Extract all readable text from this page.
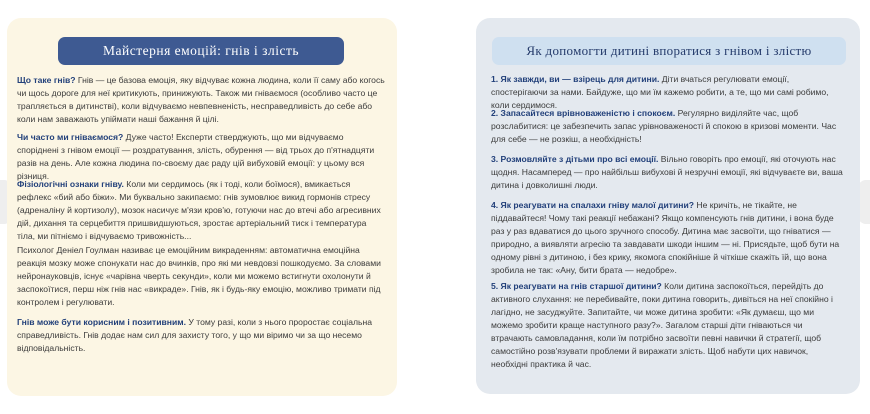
Майстерня емоцій: гнів і злість

Що таке гнів? Гнів — це базова емоція, яку відчуває кожна людина, коли її саму або когось чи щось дороге для неї критикують, принижують. Також ми гніваємося (особливо часто це трапляється в дитинстві), коли відчуваємо невпевненість, несправедливість до себе або коли нам заважають упіймати наші бажання й цілі.

Чи часто ми гніваємося? Дуже часто! Експерти стверджують, що ми відчуваємо споріднені з гнівом емоції — роздратування, злість, обурення — від трьох до п'ятнадцяти разів на день. Але кожна людина по-своєму дає раду цій вибуховій емоції: у цьому вся різниця.

Фізіологічні ознаки гніву. Коли ми сердимось (як і тоді, коли боїмося), вмикається рефлекс «бий або біжи». Ми буквально закипаємо: гнів зумовлює викид гормонів стресу (адреналіну й кортизолу), мозок насичує м'язи кров'ю, готуючи нас до втечі або агресивних дій, дихання та серцебиття пришвидшуються, зростає артеріальний тиск і температура тіла, ми пітніємо і відчуваємо тривожність...

Психолог Деніел Гоулман називає це емоційним викраденням: автоматична емоційна реакція мозку може спонукати нас до вчинків, про які ми невдовзі пошкодуємо. За словами нейронауковців, існує «чарівна чверть секунди», коли ми можемо встигнути охолонути й заспокоїтися, перш ніж гнів нас «викраде». Гнів, як і будь-яку емоцію, можливо тримати під контролем і регулювати.

Гнів може бути корисним і позитивним. У тому разі, коли з нього проростає соціальна справедливість. Гнів додає нам сил для захисту того, у що ми віримо чи за що несемо відповідальність.

Як допомогти дитині впоратися з гнівом і злістю

1. Як завжди, ви — взірець для дитини. Діти вчаться регулювати емоції, спостерігаючи за нами. Байдуже, що ми їм кажемо робити, а те, що ми самі робимо, коли сердимося.

2. Запасайтеся врівноваженістю і спокоєм. Регулярно виділяйте час, щоб розслабитися: це забезпечить запас урівноваженості й спокою в кризові моменти. Час для себе — не розкіш, а необхідність!

3. Розмовляйте з дітьми про всі емоції. Вільно говоріть про емоції, які оточують нас щодня. Насамперед — про найбільш вибухові й незручні емоції, які відчуваєте ви, ваша дитина і довколишні люди.

4. Як реагувати на спалахи гніву малої дитини? Не кричіть, не тікайте, не піддавайтеся! Чому такі реакції небажані? Якщо компенсують гнів дитини, і вона буде раз у раз вдаватися до цього зручного способу. Дитина має засвоїти, що гніватися — природно, а виявляти агресію та завдавати шкоди іншим — ні. Присядьте, щоб бути на одному рівні з дитиною, і без крику, якомога спокійніше й чіткіше скажіть їй, що вона зробила не так: «Ану, бити брата — недобре».

5. Як реагувати на гнів старшої дитини? Коли дитина заспокоїться, перейдіть до активного слухання: не перебивайте, поки дитина говорить, дивіться на неї спокійно і лагідно, не засуджуйте. Запитайте, чи може дитина зробити: «Як думаєш, що ми можемо зробити краще наступного разу?». Загалом старші діти гніваються чи втрачають самовладання, коли їм потрібно засвоїти певні навички й стратегії, щоб самостійно розв'язувати проблеми й виражати злість. Щоб набути цих навичок, необхідні практика й час.
